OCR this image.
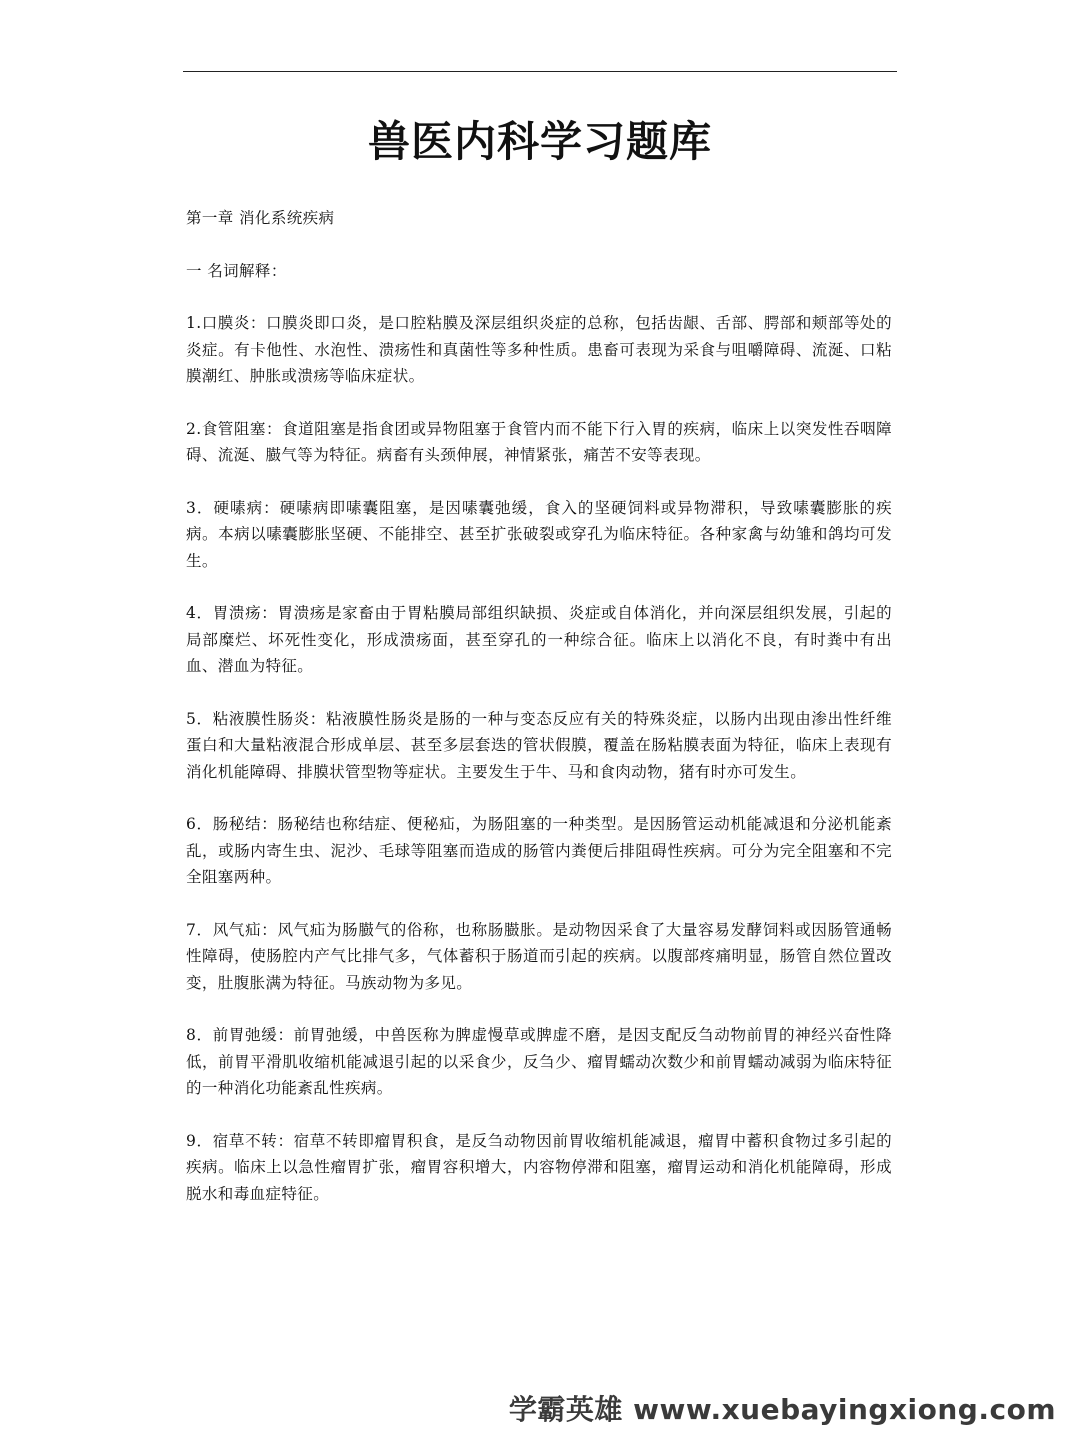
兽医内科学习题库

第一章 消化系统疾病

一 名词解释：

1.口膜炎：口膜炎即口炎，是口腔粘膜及深层组织炎症的总称，包括齿龈、舌部、腭部和颊部等处的炎症。有卡他性、水泡性、溃疡性和真菌性等多种性质。患畜可表现为采食与咀嚼障碍、流涎、口粘膜潮红、肿胀或溃疡等临床症状。

2.食管阻塞：食道阻塞是指食团或异物阻塞于食管内而不能下行入胃的疾病，临床上以突发性吞咽障碍、流涎、臌气等为特征。病畜有头颈伸展，神情紧张，痛苦不安等表现。

3．硬嗉病：硬嗉病即嗉囊阻塞，是因嗉囊弛缓，食入的坚硬饲料或异物滞积，导致嗉囊膨胀的疾病。本病以嗉囊膨胀坚硬、不能排空、甚至扩张破裂或穿孔为临床特征。各种家禽与幼雏和鸽均可发生。

4．胃溃疡：胃溃疡是家畜由于胃粘膜局部组织缺损、炎症或自体消化，并向深层组织发展，引起的局部糜烂、坏死性变化，形成溃疡面，甚至穿孔的一种综合征。临床上以消化不良，有时粪中有出血、潜血为特征。

5．粘液膜性肠炎：粘液膜性肠炎是肠的一种与变态反应有关的特殊炎症，以肠内出现由渗出性纤维蛋白和大量粘液混合形成单层、甚至多层套迭的管状假膜，覆盖在肠粘膜表面为特征，临床上表现有消化机能障碍、排膜状管型物等症状。主要发生于牛、马和食肉动物，猪有时亦可发生。

6．肠秘结：肠秘结也称结症、便秘疝，为肠阻塞的一种类型。是因肠管运动机能减退和分泌机能紊乱，或肠内寄生虫、泥沙、毛球等阻塞而造成的肠管内粪便后排阻碍性疾病。可分为完全阻塞和不完全阻塞两种。

7．风气疝：风气疝为肠臌气的俗称，也称肠臌胀。是动物因采食了大量容易发酵饲料或因肠管通畅性障碍，使肠腔内产气比排气多，气体蓄积于肠道而引起的疾病。以腹部疼痛明显，肠管自然位置改变，肚腹胀满为特征。马族动物为多见。

8．前胃弛缓：前胃弛缓，中兽医称为脾虚慢草或脾虚不磨，是因支配反刍动物前胃的神经兴奋性降低，前胃平滑肌收缩机能减退引起的以采食少，反刍少、瘤胃蠕动次数少和前胃蠕动减弱为临床特征的一种消化功能紊乱性疾病。

9．宿草不转：宿草不转即瘤胃积食，是反刍动物因前胃收缩机能减退，瘤胃中蓄积食物过多引起的疾病。临床上以急性瘤胃扩张，瘤胃容积增大，内容物停滞和阻塞，瘤胃运动和消化机能障碍，形成脱水和毒血症特征。

学霸英雄 www.xuebayingxiong.com
